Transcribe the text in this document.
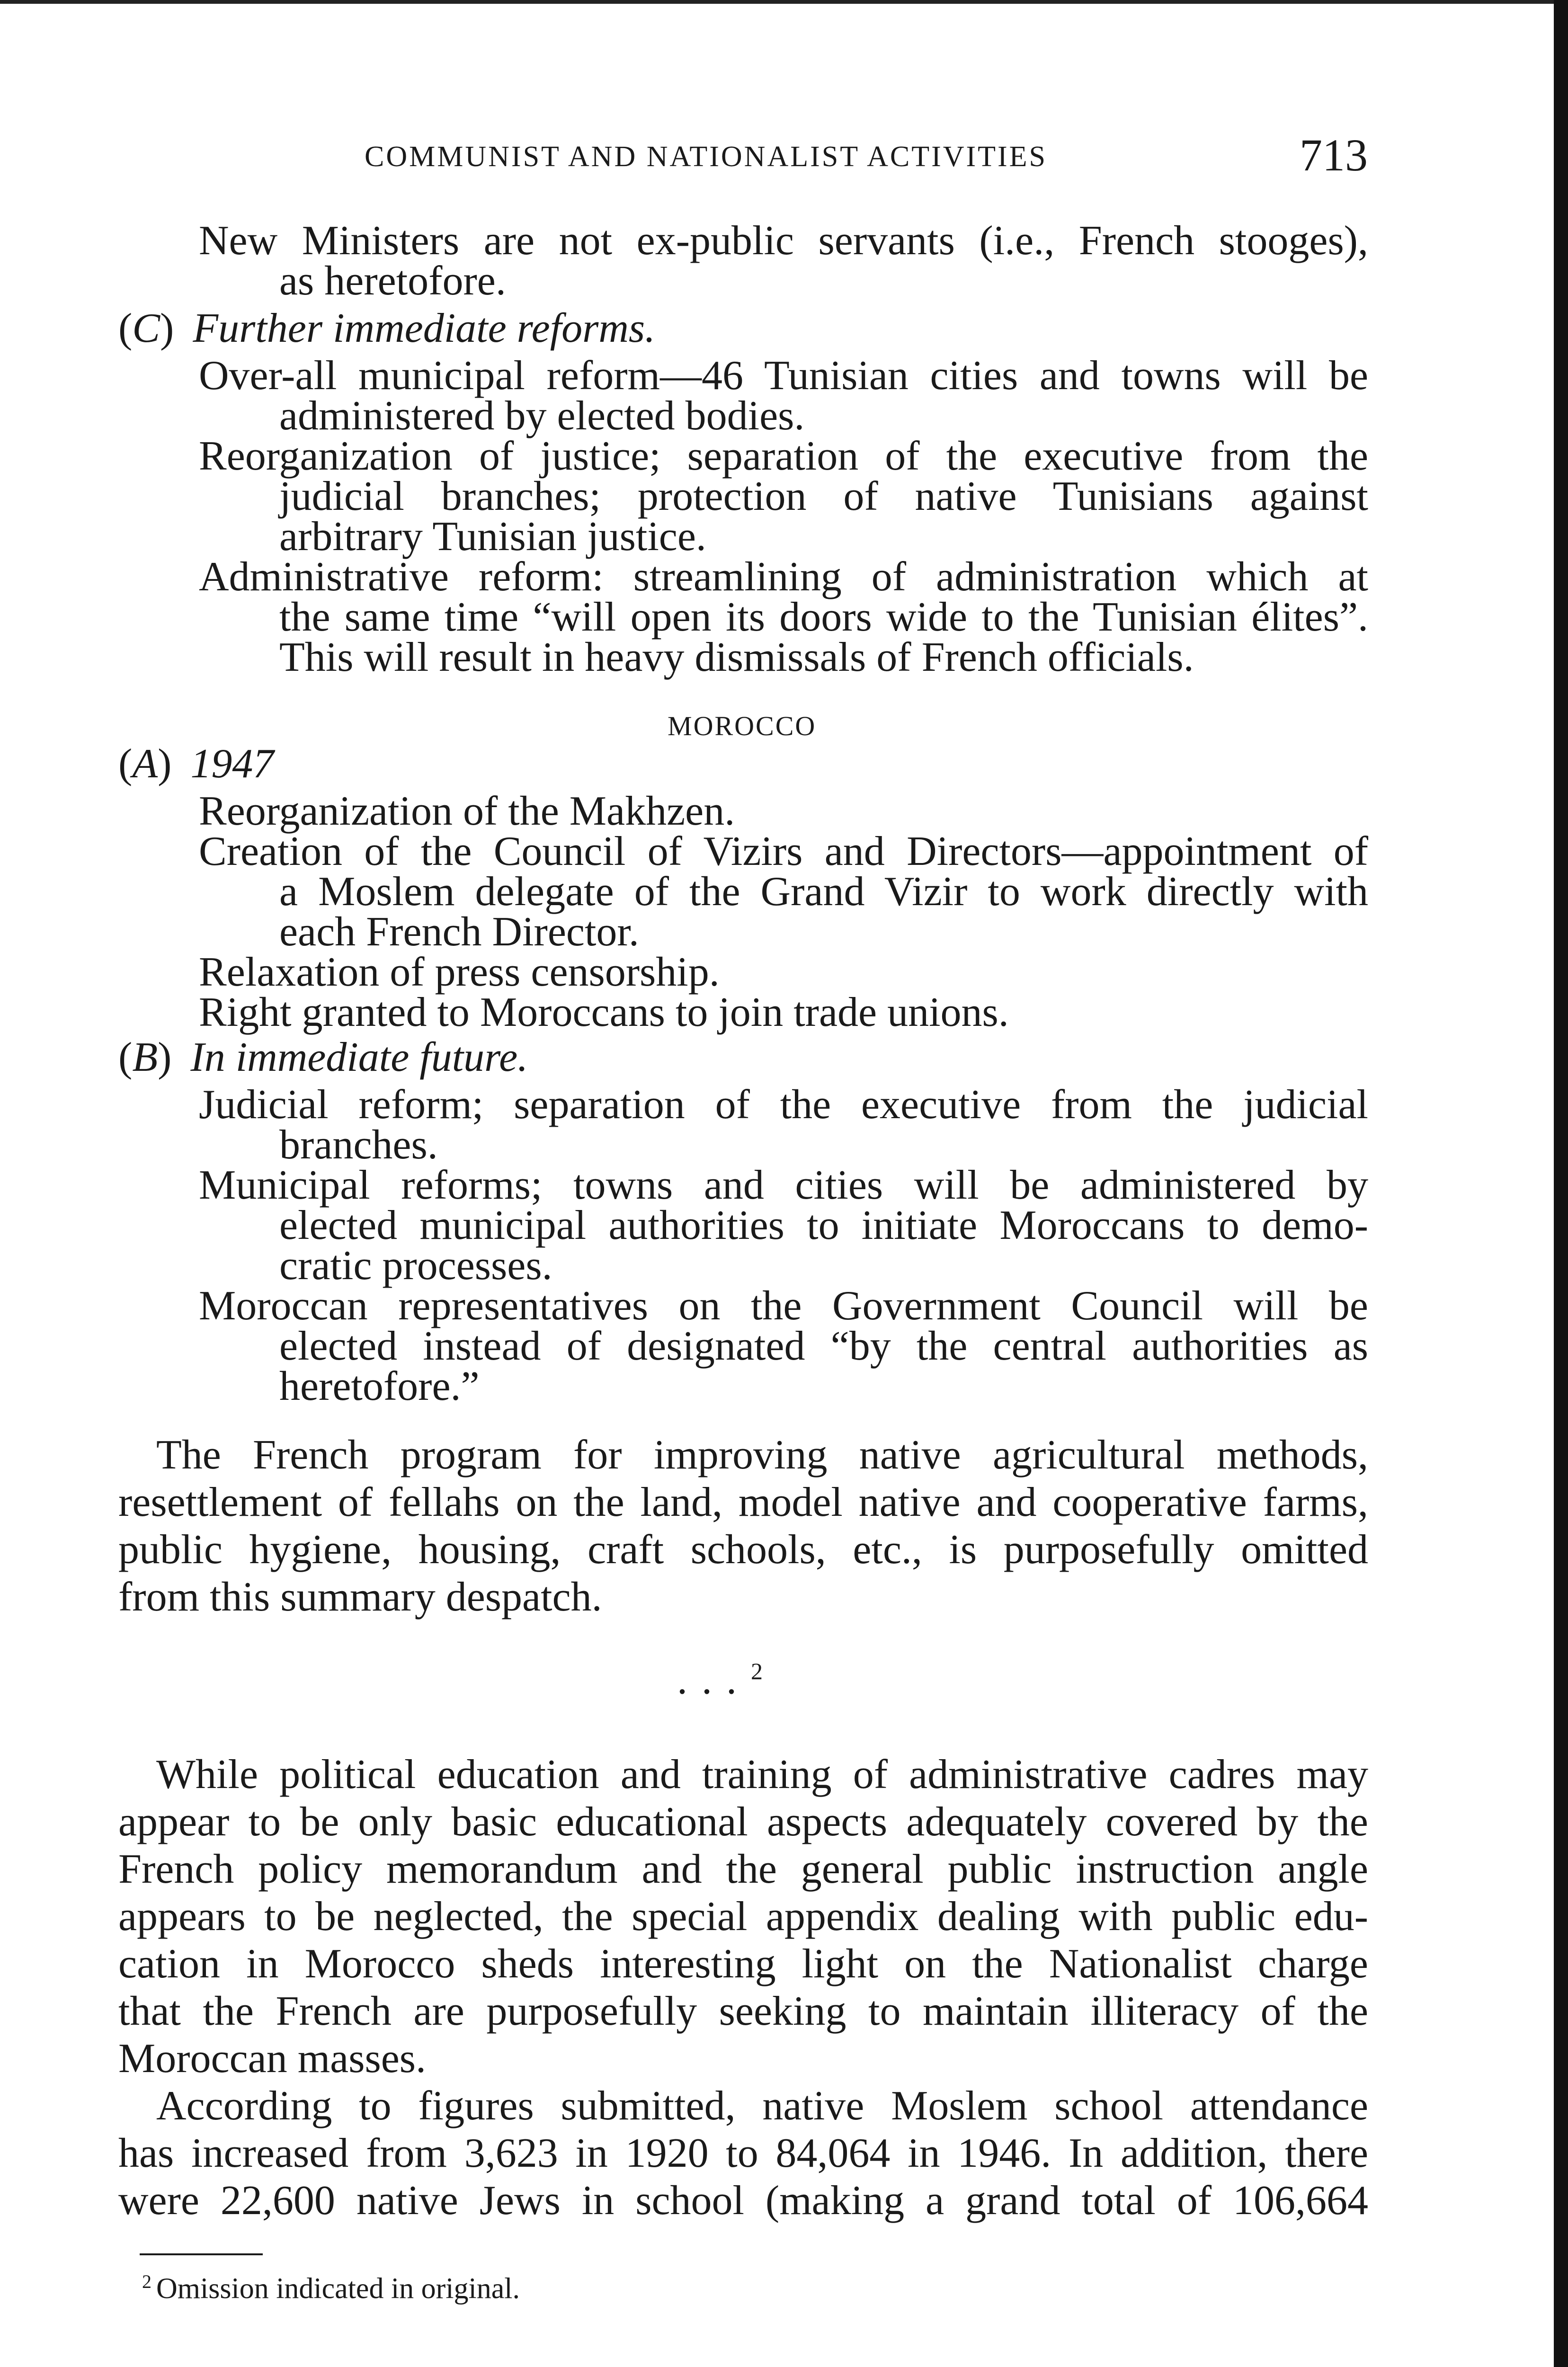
COMMUNIST AND NATIONALIST ACTIVITIES	713
New Ministers are not ex-public servants (i.e., French stooges),
as heretofore.
(C) Further immediate reforms.
Over-all municipal reform—46 Tunisian cities and towns will be
administered by elected bodies.
Reorganization of justice; separation of the executive from the
judicial branches; protection of native Tunisians against
arbitrary Tunisian justice.
Administrative reform: streamlining of administration which at
the same time “will open its doors wide to the Tunisian élites”.
This will result in heavy dismissals of French officials.
MOROCCO
(A) 1947
Reorganization of the Makhzen.
Creation of the Council of Vizirs and Directors—appointment of
a Moslem delegate of the Grand Vizir to work directly with
each French Director.
Relaxation of press censorship.
Right granted to Moroccans to join trade unions.
(B) In immediate future.
Judicial reform; separation of the executive from the judicial
branches.
Municipal reforms; towns and cities will be administered by
elected municipal authorities to initiate Moroccans to demo-
cratic processes.
Moroccan representatives on the Government Council will be
elected instead of designated “by the central authorities as
heretofore.”
The French program for improving native agricultural methods,
resettlement of fellahs on the land, model native and cooperative farms,
public hygiene, housing, craft schools, etc., is purposefully omitted
from this summary despatch.
...$^2$
While political education and training of administrative cadres may
appear to be only basic educational aspects adequately covered by the
French policy memorandum and the general public instruction angle
appears to be neglected, the special appendix dealing with public edu-
cation in Morocco sheds interesting light on the Nationalist charge
that the French are purposefully seeking to maintain illiteracy of the
Moroccan masses.
According to figures submitted, native Moslem school attendance
has increased from 3,623 in 1920 to 84,064 in 1946. In addition, there
were 22,600 native Jews in school (making a grand total of 106,664
$^2$ Omission indicated in original.
